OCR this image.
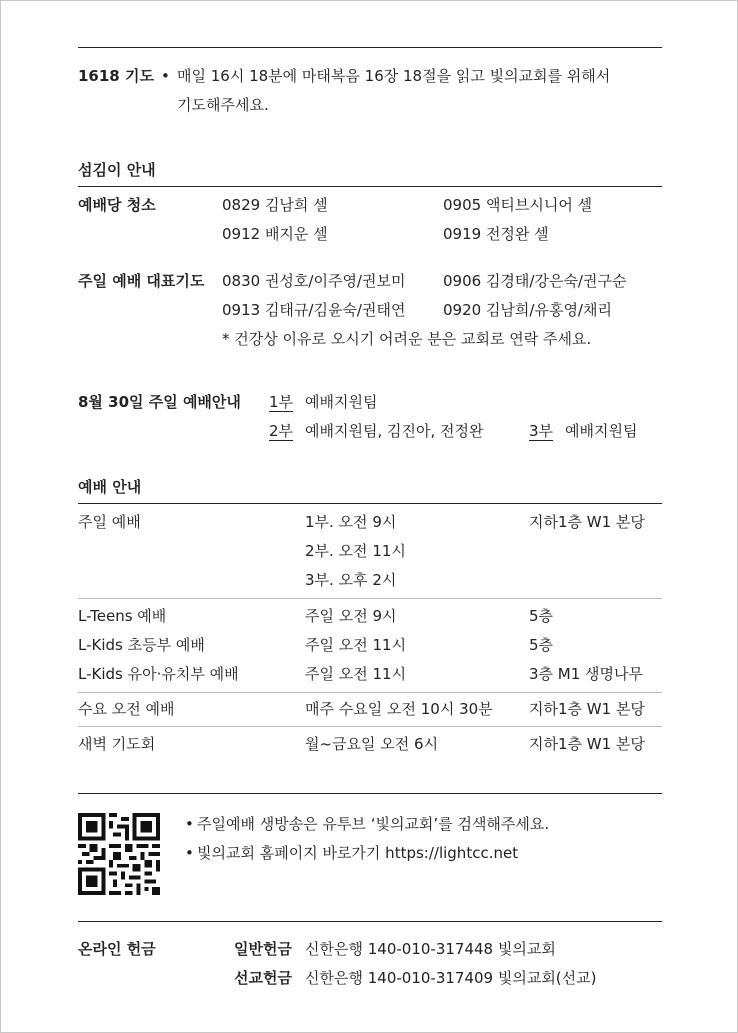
1618 기도 • 매일 16시 18분에 마태복음 16장 18절을 읽고 빛의교회를 위해서
기도해주세요.
섬김이 안내
예배당 청소	0829 김남희 셀	0905 액티브시니어 셀
0912 배지운 셀	0919 전정완 셀
주일 예배 대표기도 0830 권성호/이주영/권보미	0906 김경태/강은숙/권구순
0913 김태규/김윤숙/권태연	0920 김남희/유홍영/채리
* 건강상 이유로 오시기 어려운 분은 교회로 연락 주세요.
8월 30일 주일 예배안내 1부 예배지원팀
2부 예배지원팀, 김진아, 전정완	3부 예배지원팀
예배 안내
주일 예배	1부. 오전 9시	지하1층 W1 본당
2부. 오전 11시
3부. 오후 2시
L-Teens 예배	주일 오전 9시	5층
L-Kids 초등부 예배	주일 오전 11시	5층
L-Kids 유아·유치부 예배	주일 오전 11시	3층 M1 생명나무
수요 오전 예배	매주 수요일 오전 10시 30분 지하1층 W1 본당
새벽 기도회	월~금요일 오전 6시	지하1층 W1 본당
• 주일예배 생방송은 유투브 ‘빛의교회’를 검색해주세요.
• 빛의교회 홈페이지 바로가기 https://lightcc.net
온라인 헌금	일반헌금 신한은행 140-010-317448 빛의교회
선교헌금 신한은행 140-010-317409 빛의교회(선교)
